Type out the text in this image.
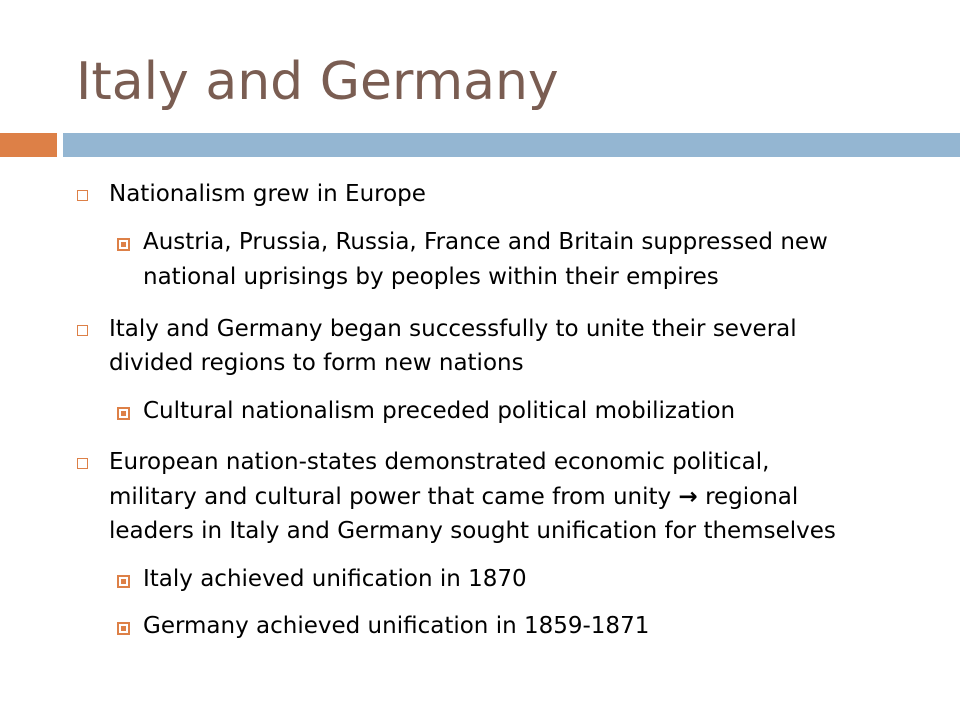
Italy and Germany
Nationalism grew in Europe
Austria, Prussia, Russia, France and Britain suppressed new
national uprisings by peoples within their empires
Italy and Germany began successfully to unite their several
divided regions to form new nations
Cultural nationalism preceded political mobilization
European nation-states demonstrated economic political,
military and cultural power that came from unity → regional
leaders in Italy and Germany sought unification for themselves
Italy achieved unification in 1870
Germany achieved unification in 1859-1871
